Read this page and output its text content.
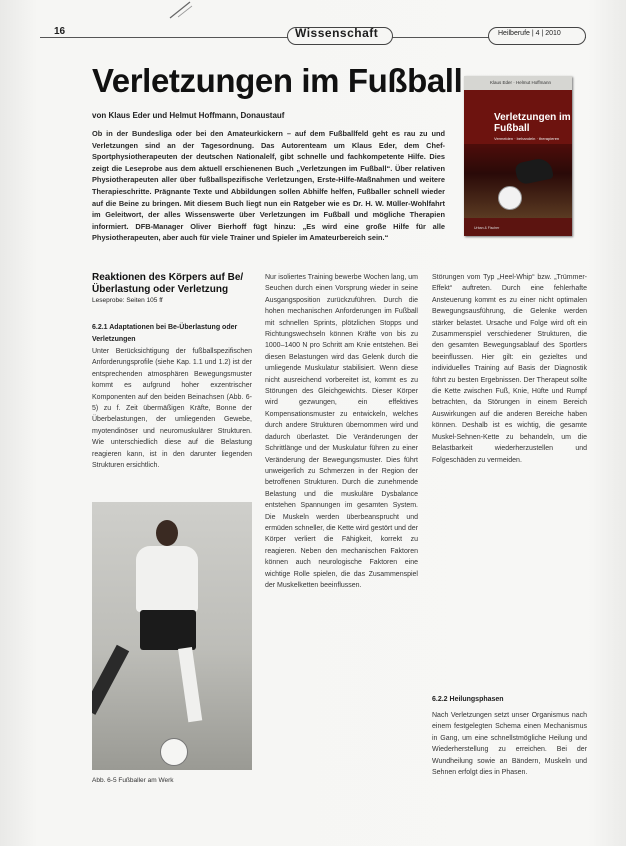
16	Wissenschaft	Heilberufe | 4 | 2010
Verletzungen im Fußball
von Klaus Eder und Helmut Hoffmann, Donaustauf

Ob in der Bundesliga oder bei den Amateurkickern – auf dem Fußballfeld geht es rau zu und Verletzungen sind an der Tagesordnung. Das Autorenteam um Klaus Eder, dem Chef-Sportphysiotherapeuten der deutschen Nationalelf, gibt schnelle und fachkompetente Hilfe. Dies zeigt die Leseprobe aus dem aktuell erschienenen Buch „Verletzungen im Fußball“. Über relativen Physiotherapeuten aller über fußballspezifische Verletzungen, Erste-Hilfe-Maßnahmen und weitere Therapieschritte. Prägnante Texte und Abbildungen sollen Abhilfe helfen, Fußballer schnell wieder auf die Beine zu bringen. Mit diesem Buch liegt nun ein Ratgeber wie es Dr. H. W. Müller-Wohlfahrt im Geleitwort, der alles Wissenswerte über Verletzungen im Fußball und mögliche Therapien informiert. DFB-Manager Oliver Bierhoff fügt hinzu: „Es wird eine große Hilfe für alle Physiotherapeuten, aber auch für viele Trainer und Spieler im Amateurbereich sein.“

Klaus Eder · Helmut Hoffmann
Verletzungen im Fußball
Vermeiden · behandeln · therapieren
Urban & Fischer
Reaktionen des Körpers auf Be/Überlastung oder Verletzung
Leseprobe: Seiten 105 ff
6.2.1 Adaptationen bei Be-Überlastung oder Verletzungen
Unter Berücksichtigung der fußballspezifischen Anforderungsprofile (siehe Kap. 1.1 und 1.2) ist der entsprechenden atmosphären Bewegungsmuster kommt es aufgrund hoher exzentrischer Komponenten auf den beiden Beinachsen (Abb. 6-5) zu f. Zeit übermäßigen Kräfte, Bonne der Überbelastungen, der umliegenden Gewebe, myotendinöser und neuromuskulärer Strukturen. Wie unterschiedlich diese auf die Belastung reagieren kann, ist in den darunter liegenden Strukturen ersichtlich.
Abb. 6-5 Fußballer am Werk
Nur isoliertes Training bewerbe Wochen lang, um Seuchen durch einen Vorsprung wieder in seine Ausgangsposition zurückzuführen. Durch die hohen mechanischen Anforderungen im Fußball mit schnellen Sprints, plötzlichen Stopps und Richtungswechseln können Kräfte von bis zu 1000–1400 N pro Schritt am Knie entstehen. Bei diesen Belastungen wird das Gelenk durch die umliegende Muskulatur stabilisiert. Wenn diese nicht ausreichend vorbereitet ist, kommt es zu Störungen des Gleichgewichts. Dieser Körper wird gezwungen, ein effektives Kompensationsmuster zu entwickeln, welches durch andere Strukturen übernommen wird und dadurch überlastet. Die Veränderungen der Schrittlänge und der Muskulatur führen zu einer Veränderung der Bewegungsmuster. Dies führt unweigerlich zu Schmerzen in der Region der betroffenen Strukturen. Durch die zunehmende Belastung und die muskuläre Dysbalance entstehen Spannungen im gesamten System. Die Muskeln werden überbeansprucht und ermüden schneller, die Kette wird gestört und der Körper verliert die Fähigkeit, korrekt zu reagieren. Neben den mechanischen Faktoren können auch neurologische Faktoren eine wichtige Rolle spielen, die das Zusammenspiel der Muskelketten beeinflussen.
Störungen vom Typ „Heel-Whip“ bzw. „Trümmer-Effekt“ auftreten. Durch eine fehlerhafte Ansteuerung kommt es zu einer nicht optimalen Bewegungsausführung, die Gelenke werden stärker belastet. Ursache und Folge wird oft ein Zusammenspiel verschiedener Strukturen, die den gesamten Bewegungsablauf des Sportlers beeinflussen. Hier gilt: ein gezieltes und individuelles Training auf Basis der Diagnostik führt zu besten Ergebnissen. Der Therapeut sollte die Kette zwischen Fuß, Knie, Hüfte und Rumpf betrachten, da Störungen in einem Bereich Auswirkungen auf die anderen Bereiche haben können. Deshalb ist es wichtig, die gesamte Muskel-Sehnen-Kette zu behandeln, um die Belastbarkeit wiederherzustellen und Folgeschäden zu vermeiden.
6.2.2 Heilungsphasen
Nach Verletzungen setzt unser Organismus nach einem festgelegten Schema einen Mechanismus in Gang, um eine schnellstmögliche Heilung und Wiederherstellung zu erreichen. Bei der Wundheilung sowie an Bändern, Muskeln und Sehnen erfolgt dies in Phasen.
